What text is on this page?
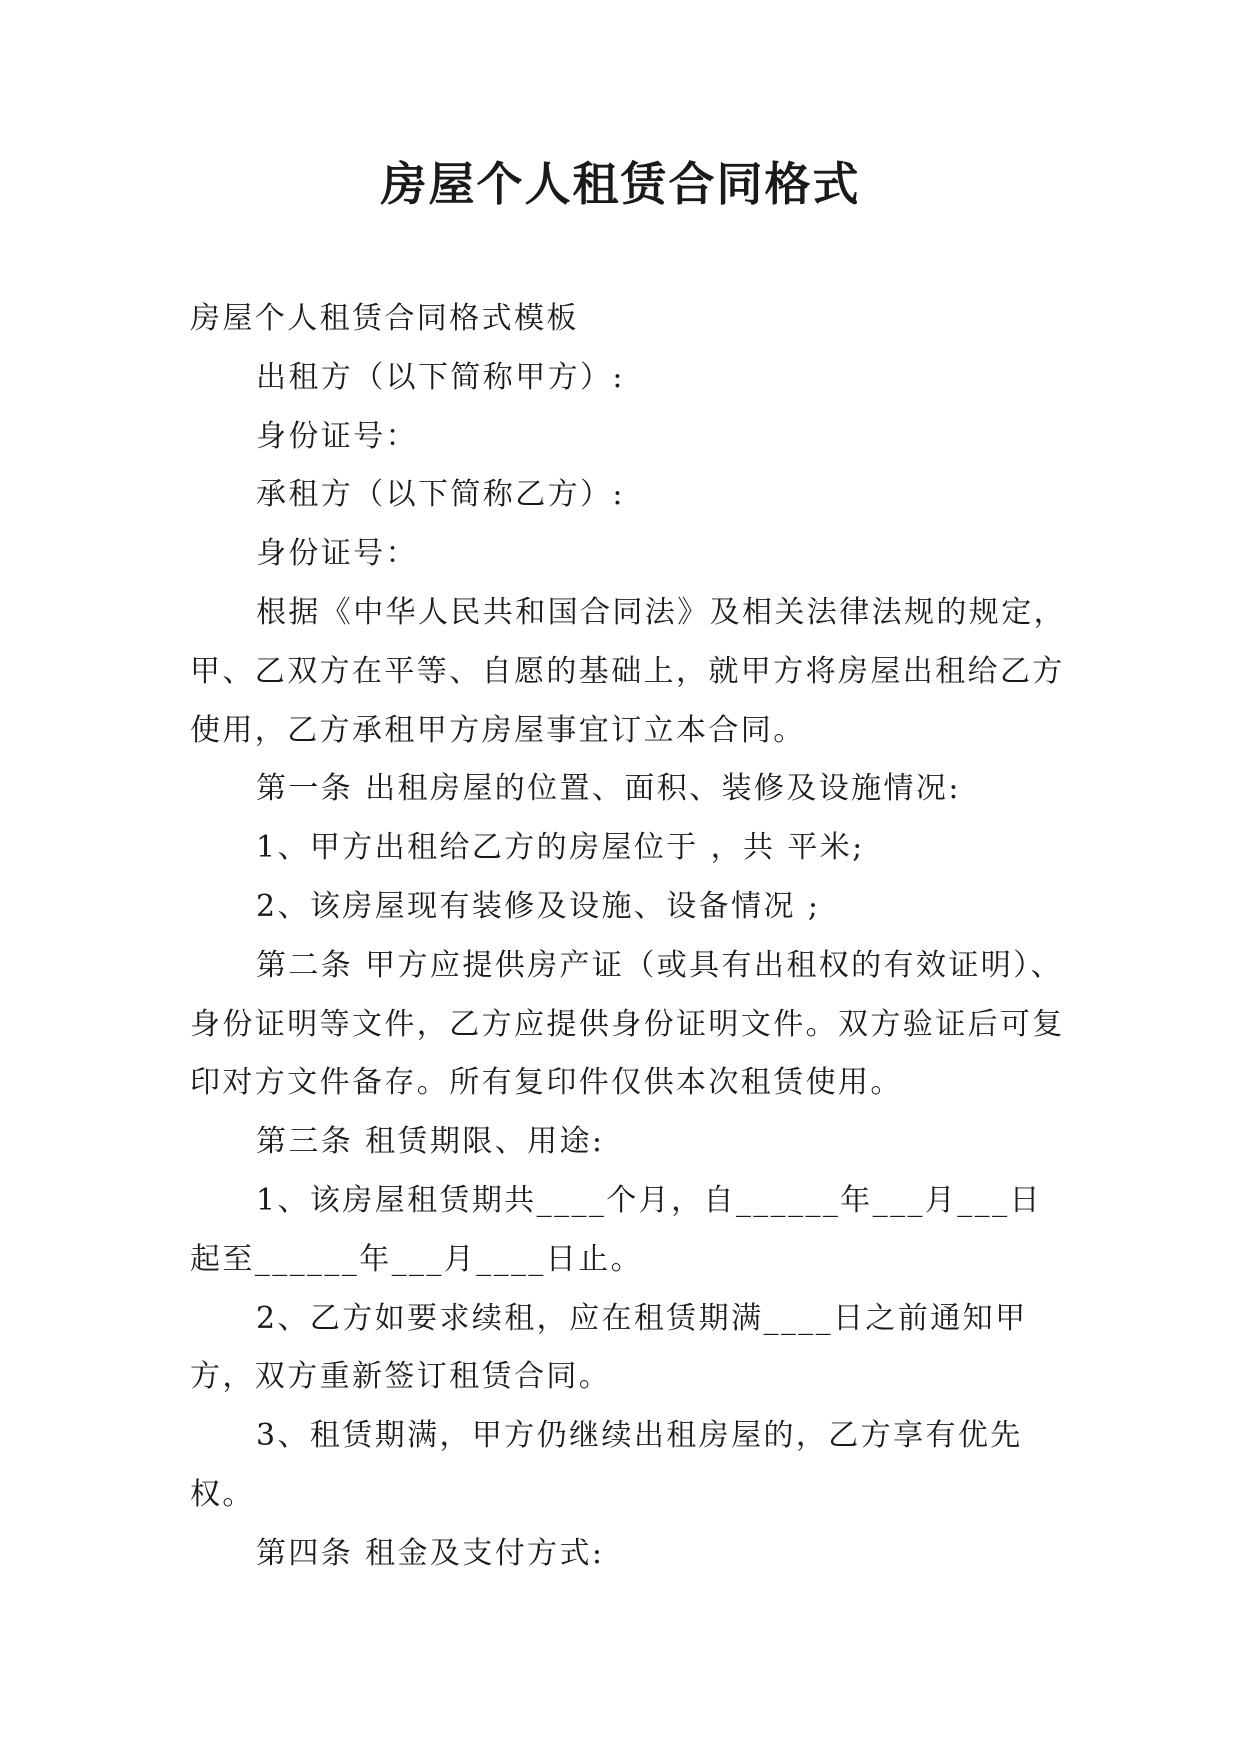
房屋个人租赁合同格式

房屋个人租赁合同格式模板

出租方（以下简称甲方）:

身份证号：

承租方（以下简称乙方）:

身份证号：

根据《中华人民共和国合同法》及相关法律法规的规定，甲、乙双方在平等、自愿的基础上，就甲方将房屋出租给乙方使用，乙方承租甲方房屋事宜订立本合同。

第一条 出租房屋的位置、面积、装修及设施情况:

1、甲方出租给乙方的房屋位于 ，共 平米;

2、该房屋现有装修及设施、设备情况 ;

第二条 甲方应提供房产证（或具有出租权的有效证明）、身份证明等文件，乙方应提供身份证明文件。双方验证后可复印对方文件备存。所有复印件仅供本次租赁使用。

第三条 租赁期限、用途:

1、该房屋租赁期共____个月，自______年___月___日起至______年___月____日止。

2、乙方如要求续租，应在租赁期满____日之前通知甲方，双方重新签订租赁合同。

3、租赁期满，甲方仍继续出租房屋的，乙方享有优先权。

第四条 租金及支付方式:
